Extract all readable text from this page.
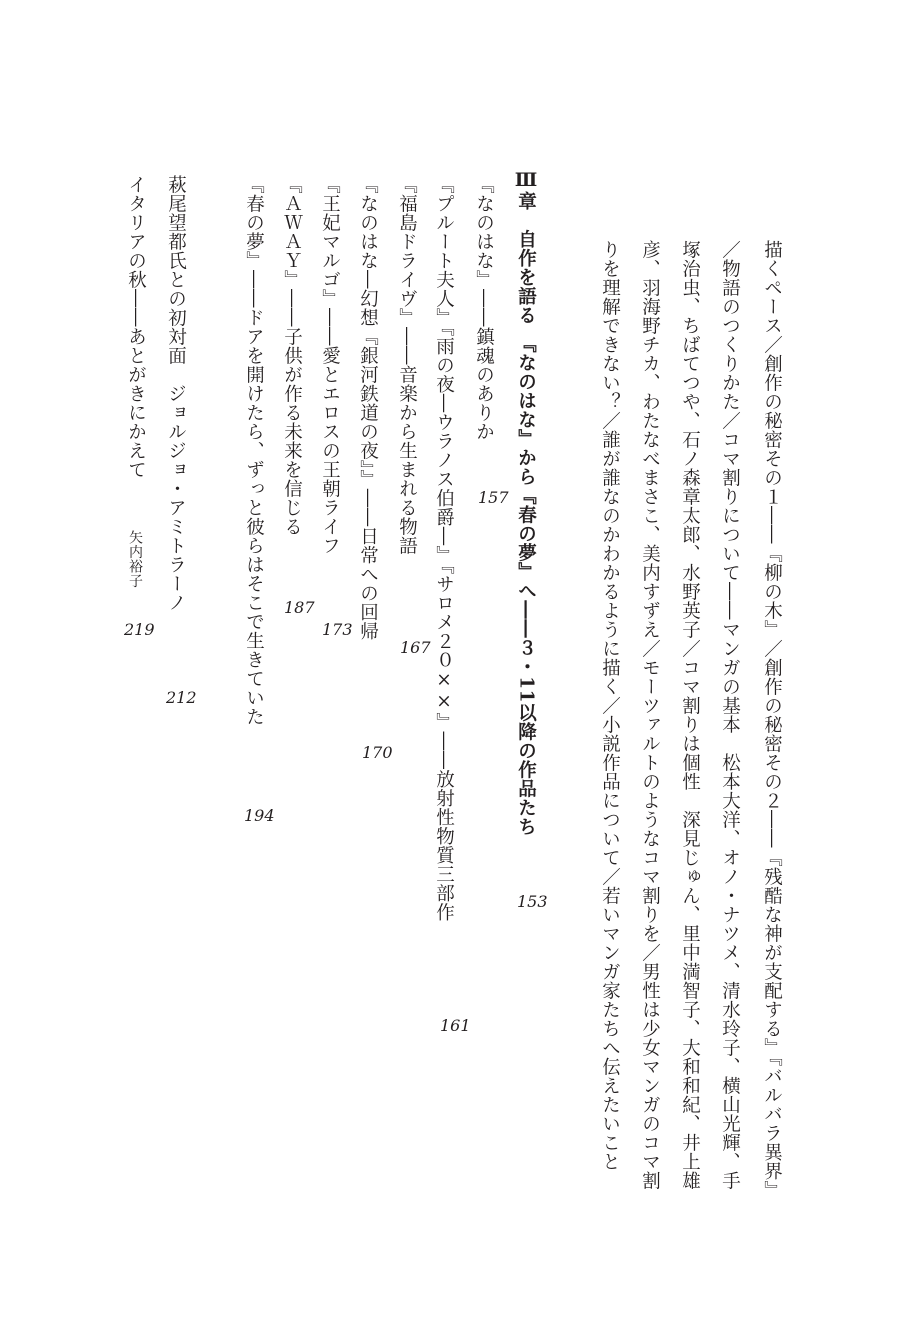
描くペース／創作の秘密その１――『柳の木』／創作の秘密その２――『残酷な神が支配する』『バルバラ異界』
／物語のつくりかた／コマ割りについて――マンガの基本　松本大洋、オノ・ナツメ、清水玲子、横山光輝、手
塚治虫、ちばてつや、石ノ森章太郎、水野英子／コマ割りは個性　深見じゅん、里中満智子、大和和紀、井上雄
彦、羽海野チカ、わたなべまさこ、美内すずえ／モーツァルトのようなコマ割りを／男性は少女マンガのコマ割
りを理解できない？／誰が誰なのかわかるように描く／小説作品について／若いマンガ家たちへ伝えたいこと
Ⅲ章　自作を語る　『なのはな』から『春の夢』へ――３・11以降の作品たち
153
『なのはな』――鎮魂のありか
157
『プルート夫人』『雨の夜―ウラノス伯爵―』『サロメ２０××』――放射性物質三部作
161
『福島ドライヴ』――音楽から生まれる物語
167
『なのはな―幻想『銀河鉄道の夜』』――日常への回帰
170
『王妃マルゴ』――愛とエロスの王朝ライフ
173
『ＡＷＡＹ』――子供が作る未来を信じる
187
『春の夢』――ドアを開けたら、ずっと彼らはそこで生きていた
194
萩尾望都氏との初対面　ジョルジョ・アミトラーノ
212
イタリアの秋――あとがきにかえて
矢内裕子
219
